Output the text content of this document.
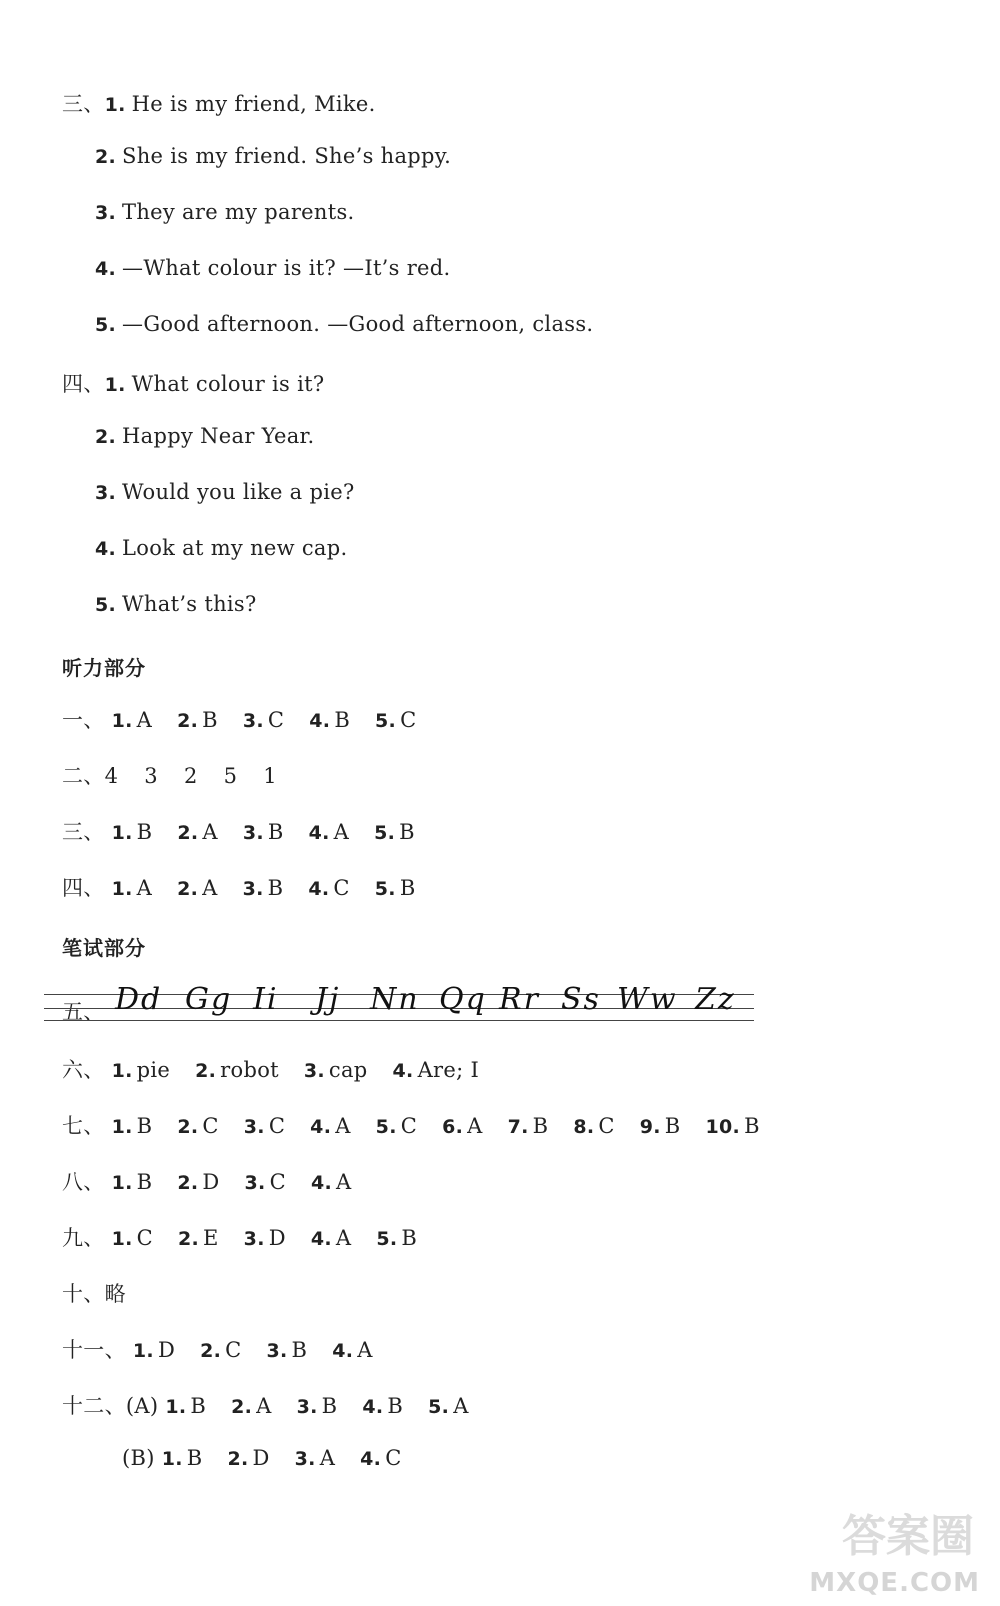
三、1. He is my friend, Mike.
2. She is my friend. She’s happy.
3. They are my parents.
4. —What colour is it? —It’s red.
5. —Good afternoon. —Good afternoon, class.
四、1. What colour is it?
2. Happy Near Year.
3. Would you like a pie?
4. Look at my new cap.
5. What’s this?
听力部分
一、 1. A 2. B 3. C 4. B 5. C
二、4 3 2 5 1
三、 1. B 2. A 3. B 4. A 5. B
四、 1. A 2. A 3. B 4. C 5. B
笔试部分
五、 Dd Gg Ii Jj Nn Qq Rr Ss Ww Zz
六、 1. pie 2. robot 3. cap 4. Are; I
七、 1. B 2. C 3. C 4. A 5. C 6. A 7. B 8. C 9. B 10. B
八、 1. B 2. D 3. C 4. A
九、 1. C 2. E 3. D 4. A 5. B
十、略
十一、 1. D 2. C 3. B 4. A
十二、(A) 1. B 2. A 3. B 4. B 5. A
(B) 1. B 2. D 3. A 4. C
答案圈
MXQE.COM
